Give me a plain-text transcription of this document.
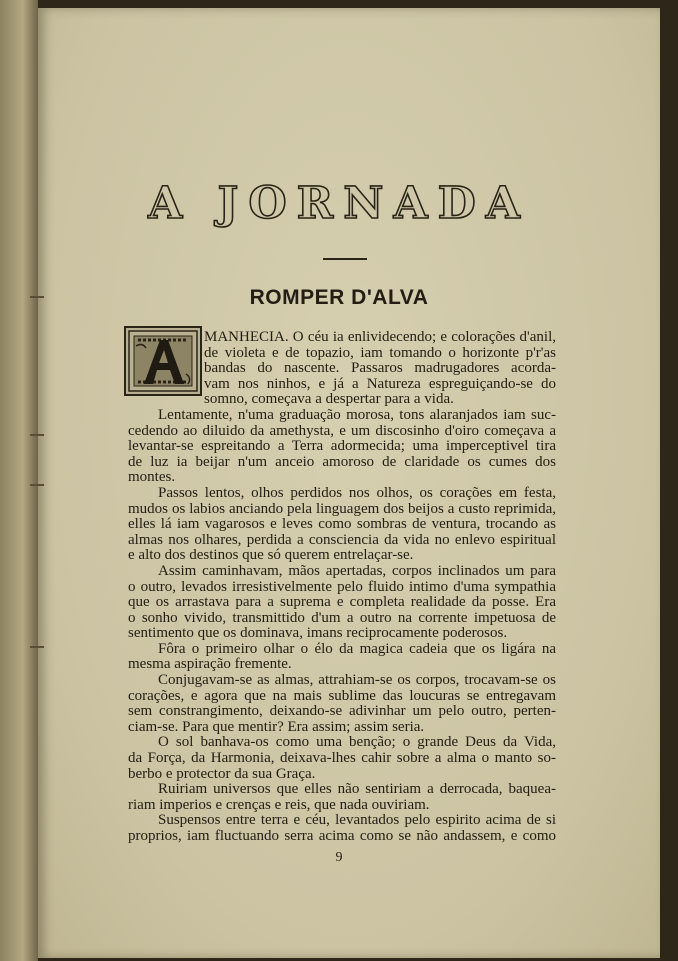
A JORNADA
ROMPER D'ALVA
MANHECIA. O céu ia enlividecendo; e colorações d'anil,
de violeta e de topazio, iam tomando o horizonte p'r'as
bandas do nascente. Passaros madrugadores acorda-
vam nos ninhos, e já a Natureza espreguiçando-se do
somno, começava a despertar para a vida.
Lentamente, n'uma graduação morosa, tons alaranjados iam suc-
cedendo ao diluido da amethysta, e um discosinho d'oiro começava a
levantar-se espreitando a Terra adormecida; uma imperceptivel tira
de luz ia beijar n'um anceio amoroso de claridade os cumes dos
montes.
Passos lentos, olhos perdidos nos olhos, os corações em festa,
mudos os labios anciando pela linguagem dos beijos a custo reprimida,
elles lá iam vagarosos e leves como sombras de ventura, trocando as
almas nos olhares, perdida a consciencia da vida no enlevo espiritual
e alto dos destinos que só querem entrelaçar-se.
Assim caminhavam, mãos apertadas, corpos inclinados um para
o outro, levados irresistivelmente pelo fluido intimo d'uma sympathia
que os arrastava para a suprema e completa realidade da posse. Era
o sonho vivido, transmittido d'um a outro na corrente impetuosa de
sentimento que os dominava, imans reciprocamente poderosos.
Fôra o primeiro olhar o élo da magica cadeia que os ligára na
mesma aspiração fremente.
Conjugavam-se as almas, attrahiam-se os corpos, trocavam-se os
corações, e agora que na mais sublime das loucuras se entregavam
sem constrangimento, deixando-se adivinhar um pelo outro, perten-
ciam-se. Para que mentir? Era assim; assim seria.
O sol banhava-os como uma benção; o grande Deus da Vida,
da Força, da Harmonia, deixava-lhes cahir sobre a alma o manto so-
berbo e protector da sua Graça.
Ruiriam universos que elles não sentiriam a derrocada, baquea-
riam imperios e crenças e reis, que nada ouviriam.
Suspensos entre terra e céu, levantados pelo espirito acima de si
proprios, iam fluctuando serra acima como se não andassem, e como
9
